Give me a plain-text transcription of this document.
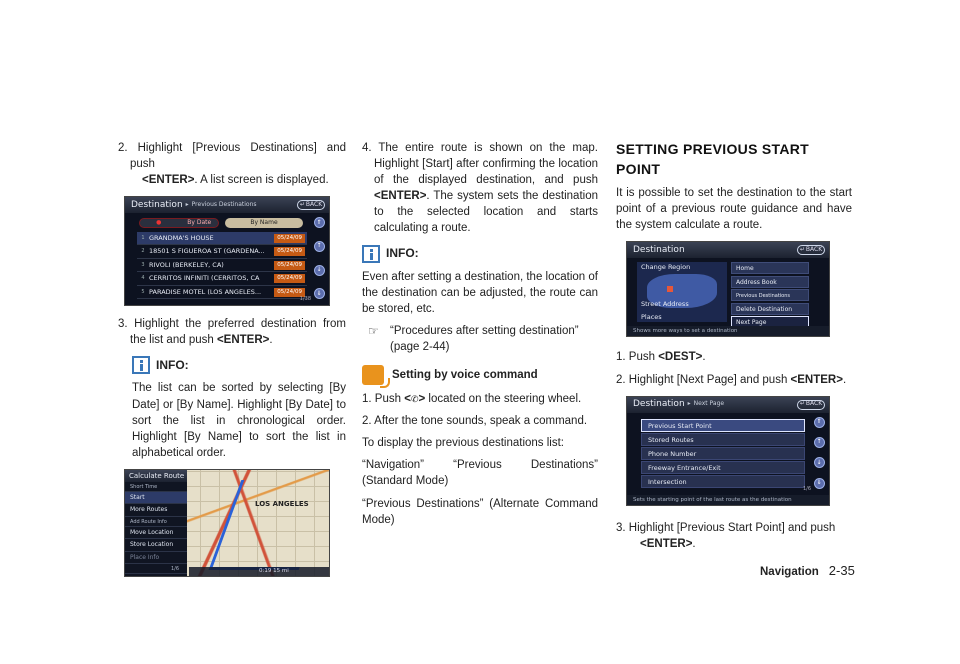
2. Highlight [Previous Destinations] and push
<ENTER>. A list screen is displayed.
Destination ▸ Previous Destinations	↵ BACK
●	By Date	By Name
1 GRANDMA'S HOUSE	05/24/09
2 18501 S FIGUEROA ST (GARDENA...	05/24/09
3 RIVOLI (BERKELEY, CA)	05/24/09
4 CERRITOS INFINITI (CERRITOS, CA	05/24/09
5 PARADISE MOTEL (LOS ANGELES...	05/24/09
⇑
↑
↓
⇓
1/38
3. Highlight the preferred destination from the list and push <ENTER>.
INFO:

The list can be sorted by selecting [By Date] or [By Name]. Highlight [By Date] to sort the list in chronological order. Highlight [By Name] to sort the list in alphabetical order.

LOS ANGELES
Calculate Route
Short Time
Start
More Routes
Add Route Info
Move Location
Store Location
Place Info
1/6	0:19 15 mi
4. The entire route is shown on the map. Highlight [Start] after confirming the location of the displayed destination, and push <ENTER>. The system sets the destination to the selected location and starts calculating a route.
INFO:

Even after setting a destination, the location of the destination can be adjusted, the route can be stored, etc.

☞ “Procedures after setting destination” (page 2-44)
Setting by voice command
1. Push <✆> located on the steering wheel.
2. After the tone sounds, speak a command.

To display the previous destinations list:

“Navigation” “Previous Destinations” (Standard Mode)

“Previous Destinations” (Alternate Command Mode)

SETTING PREVIOUS START POINT

It is possible to set the destination to the start point of a previous route guidance and have the system calculate a route.

Destination	↵ BACK
Change Region
Street Address
Places
Home
Address Book
Previous Destinations
Delete Destination
Next Page
Shows more ways to set a destination
1. Push <DEST>.
2. Highlight [Next Page] and push <ENTER>.
Destination ▸ Next Page	↵ BACK
Previous Start Point
Stored Routes
Phone Number
Freeway Entrance/Exit
Intersection
⇑
↑
↓
⇓
1/6
Sets the starting point of the last route as the destination
3. Highlight [Previous Start Point] and push
<ENTER>.
Navigation 2-35
